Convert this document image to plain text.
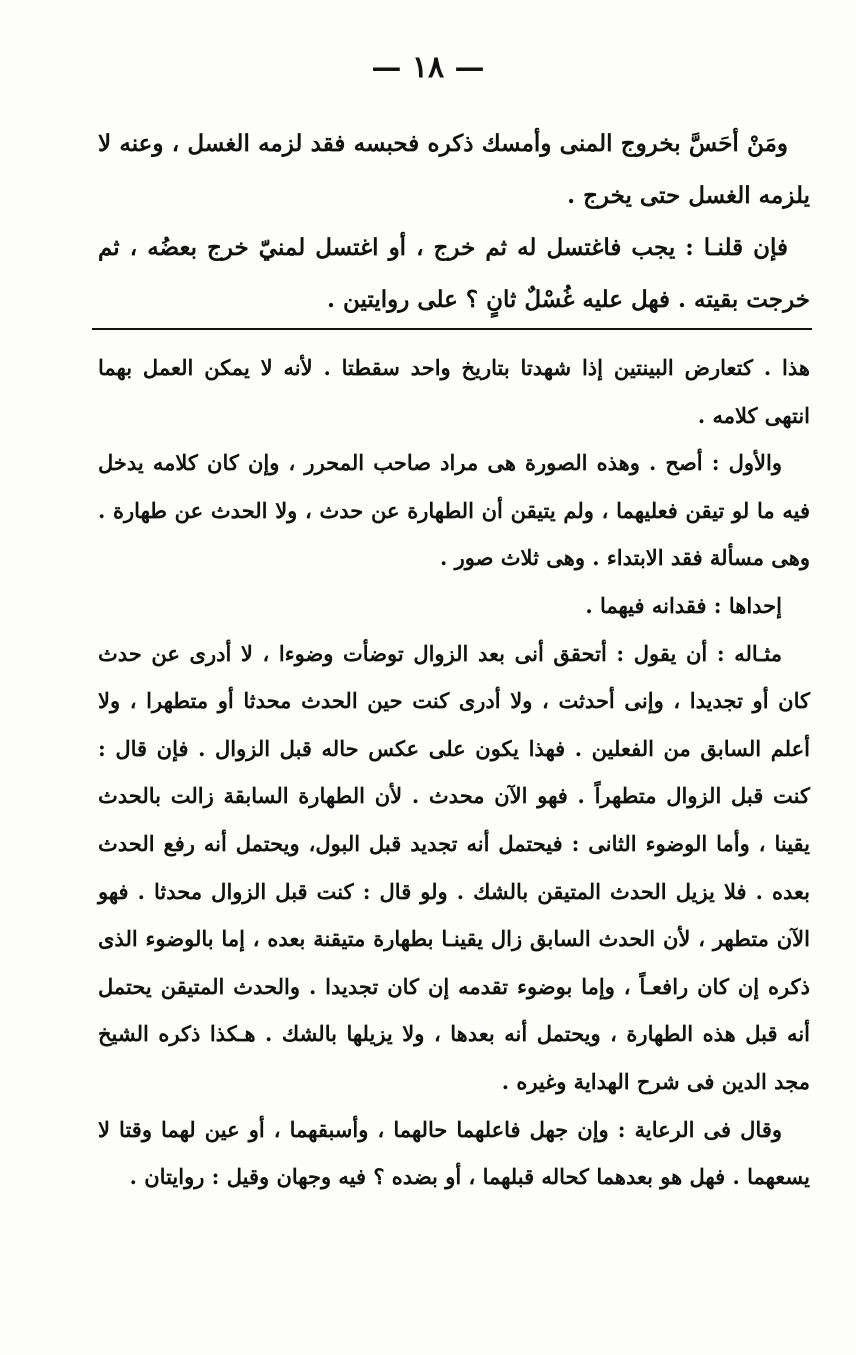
— ١٨ —

ومَنْ أحَسَّ بخروج المنى وأمسك ذكره فحبسه فقد لزمه الغسل ، وعنه لا يلزمه الغسل حتى يخرج .

فإن قلنـا : يجب فاغتسل له ثم خرج ، أو اغتسل لمنيّ خرج بعضُه ، ثم خرجت بقيته . فهل عليه غُسْلٌ ثانٍ ؟ على روايتين .

هذا . كتعارض البينتين إذا شهدتا بتاريخ واحد سقطتا . لأنه لا يمكن العمل بهما انتهى كلامه .

والأول : أصح . وهذه الصورة هى مراد صاحب المحرر ، وإن كان كلامه يدخل فيه ما لو تيقن فعليهما ، ولم يتيقن أن الطهارة عن حدث ، ولا الحدث عن طهارة . وهى مسألة فقد الابتداء . وهى ثلاث صور .

إحداها : فقدانه فيهما .

مثـاله : أن يقول : أتحقق أنى بعد الزوال توضأت وضوءا ، لا أدرى عن حدث كان أو تجديدا ، وإنى أحدثت ، ولا أدرى كنت حين الحدث محدثا أو متطهرا ، ولا أعلم السابق من الفعلين . فهذا يكون على عكس حاله قبل الزوال . فإن قال : كنت قبل الزوال متطهراً . فهو الآن محدث . لأن الطهارة السابقة زالت بالحدث يقينا ، وأما الوضوء الثانى : فيحتمل أنه تجديد قبل البول، ويحتمل أنه رفع الحدث بعده . فلا يزيل الحدث المتيقن بالشك . ولو قال : كنت قبل الزوال محدثا . فهو الآن متطهر ، لأن الحدث السابق زال يقينـا بطهارة متيقنة بعده ، إما بالوضوء الذى ذكره إن كان رافعـاً ، وإما بوضوء تقدمه إن كان تجديدا . والحدث المتيقن يحتمل أنه قبل هذه الطهارة ، ويحتمل أنه بعدها ، ولا يزيلها بالشك . هـكذا ذكره الشيخ مجد الدين فى شرح الهداية وغيره .

وقال فى الرعاية : وإن جهل فاعلهما حالهما ، وأسبقهما ، أو عين لهما وقتا لا يسعهما . فهل هو بعدهما كحاله قبلهما ، أو بضده ؟ فيه وجهان وقيل : روايتان .
